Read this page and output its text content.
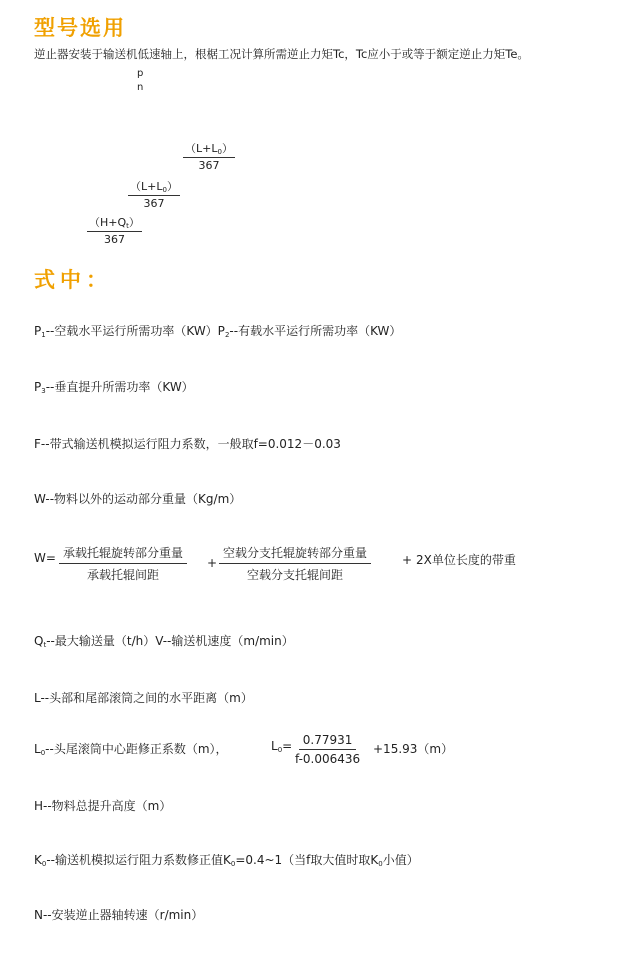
型号选用
逆止器安装于输送机低速轴上，根椐工况计算所需逆止力矩Tc，Tc应小于或等于额定逆止力矩Te。
p
n
$\frac{(L+L_0)}{367}$
$\frac{(L+L_0)}{367}$
$\frac{(H+Q_t)}{367}$
式中：
$P_1--$空载水平运行所需功率$(KW)P_2--$有载水平运行所需功率（KW）
$P_3--$垂直提升所需功率（KW）
F--带式输送机模拟运行阻力系数，一般取f=0.012－0.03
W--物料以外的运动部分重量（Kg/m）
W= 承载托辊旋转部分重量
承载托辊间距
+
空载分支托辊旋转部分重量
空载分支托辊间距
+ 2X单位长度的带重
$Q_t--$最大输送量（t/h）V--输送机速度（m/min）
L--头部和尾部滚筒之间的水平距离（m）
$L_0--$头尾滚筒中心距修正系数（m），	$L_0= \frac{0.77931}{f-0.006436} +15.93(m)$
H--物料总提升高度（m）
$K_0--$输送机模拟运行阻力系数修正值$K_0=0.4\sim 1$（当f取大值时取$K_0$小值）
N--安装逆止器轴转速（r/min）
